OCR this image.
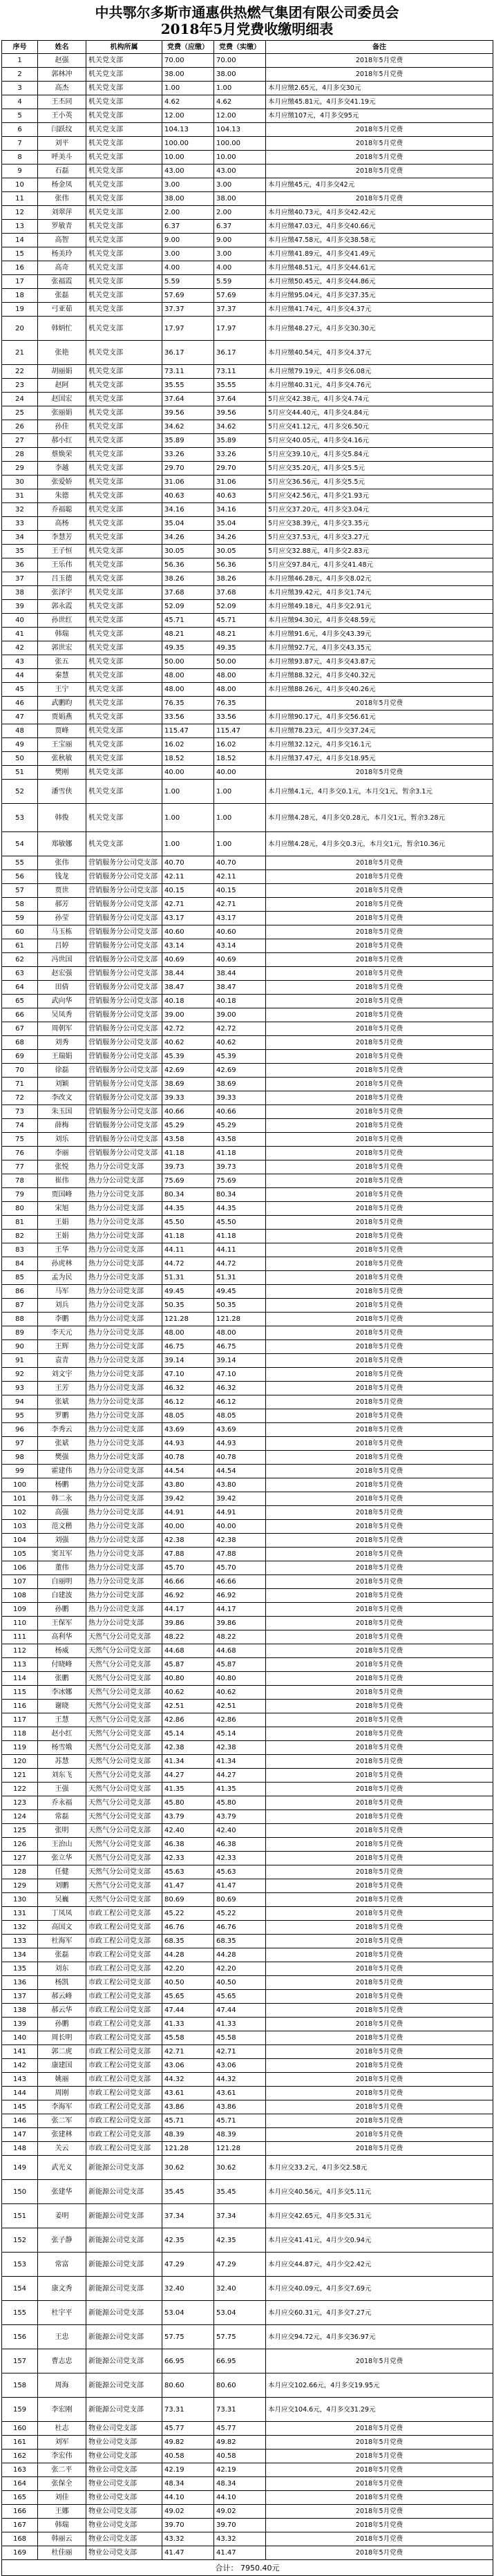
中共鄂尔多斯市通惠供热燃气集团有限公司委员会
2018年5月党费收缴明细表
序号	姓名	机构所属	党费（应缴）	党费（实缴）	备注
1	赵强	机关党支部	70.00	70.00	2018年5月党费
2	郭林冲	机关党支部	38.00	38.00	2018年5月党费
3	高杰	机关党支部	1.00	1.00	本月应缴2.65元，4月多交30元
4	王丕同	机关党支部	4.62	4.62	本月应缴45.81元，4月多交41.19元
5	王小英	机关党支部	12.00	12.00	本月应缴107元，4月多交95元
6	闫跃纹	机关党支部	104.13	104.13	2018年5月党费
7	刘平	机关党支部	100.00	100.00	2018年5月党费
8	呼美斗	机关党支部	10.00	10.00	2018年5月党费
9	石磊	机关党支部	43.00	43.00	2018年5月党费
10	杨金凤	机关党支部	3.00	3.00	本月应缴45元，4月多交42元
11	张伟	机关党支部	38.00	38.00	2018年5月党费
12	刘翠萍	机关党支部	2.00	2.00	本月应缴40.73元，4月多交42.42元
13	罗敏青	机关党支部	6.37	6.37	本月应缴47.03元，4月多交40.66元
14	高智	机关党支部	9.00	9.00	本月应缴47.58元，4月多交38.58元
15	杨美玲	机关党支部	3.00	3.00	本月应缴41.89元，4月多交41.49元
16	高奇	机关党支部	4.00	4.00	本月应缴48.51元，4月多交44.61元
17	张福霞	机关党支部	5.59	5.59	本月应缴50.45元，4月多交44.86元
18	张磊	机关党支部	57.69	57.69	本月应缴95.04元，4月多交37.35元
19	弓亚茹	机关党支部	37.37	37.37	本月应缴41.74元，4月多交4.37元
20	韩炳忙	机关党支部	17.97	17.97	本月应缴48.27元，4月多交30.30元
21	张艳	机关党支部	36.17	36.17	本月应缴40.54元，4月多交4.37元
22	胡丽娟	机关党支部	73.11	73.11	本月应缴79.19元，4月多交6.08元
23	赵阿	机关党支部	35.55	35.55	本月应缴40.31元，4月多交4.76元
24	赵国宏	机关党支部	37.64	37.64	5月应交42.38元，4月多交4.74元
25	张丽娟	机关党支部	39.56	39.56	5月应交44.40元，4月多交4.84元
26	孙佳	机关党支部	34.62	34.62	5月应交41.12元，4月多交6.50元
27	郝小红	机关党支部	35.89	35.89	5月应交40.05元，4月多交4.16元
28	蔡焕荣	机关党支部	33.26	33.26	5月应交39.10元，4月多交5.84元
29	李越	机关党支部	29.70	29.70	5月应交35.20元，4月多交5.5元
30	张爱娇	机关党支部	31.06	31.06	5月应交36.56元，4月多交5.5元
31	朱德	机关党支部	40.63	40.63	5月应交42.56元，4月多交1.93元
32	乔福聪	机关党支部	34.16	34.16	5月应交37.20元，4月多交3.04元
33	高杨	机关党支部	35.04	35.04	5月应交38.39元，4月多交3.35元
34	李慧芳	机关党支部	34.26	34.26	5月应交37.53元，4月多交3.27元
35	王子恒	机关党支部	30.05	30.05	5月应交32.88元，4月多交2.83元
36	王乐伟	机关党支部	56.36	56.36	5月应交97.84元，4月多交41.48元
37	吕玉德	机关党支部	38.26	38.26	本月应缴46.28元，4月多交8.02元
38	张泽宇	机关党支部	37.68	37.68	本月应缴39.42元，4月多交1.74元
39	郭永霞	机关党支部	52.09	52.09	本月应缴49.18元，4月多交2.91元
40	孙世红	机关党支部	45.71	45.71	本月应缴94.30元，4月多交48.59元
41	韩瑞	机关党支部	48.21	48.21	本月应缴91.6元，4月多交43.39元
42	郭世宏	机关党支部	49.35	49.35	本月应缴92.7元，4月多交43.35元
43	张五	机关党支部	50.00	50.00	本月应缴93.87元，4月多交43.87元
44	秦慧	机关党支部	48.00	48.00	本月应缴88.32元，4月多交40.32元
45	王宁	机关党支部	48.00	48.00	本月应缴88.26元，4月多交40.26元
46	武鹏昀	机关党支部	76.35	76.35	2018年5月党费
47	贾娟燕	机关党支部	33.56	33.56	本月应缴90.17元，4月多交56.61元
48	贾峰	机关党支部	115.47	115.47	本月应缴78.23元，4月少交37.24元
49	王宝丽	机关党支部	16.02	16.02	本月应缴32.12元，4月多交16.1元
50	张秋敏	机关党支部	18.52	18.52	本月应缴37.47元，4月多交18.95元
51	樊刚	机关党支部	40.00	40.00	2018年5月党费
52	潘雪侠	机关党支部	1.00	1.00	本月应缴4.1元，4月多交0.1元，本月交1元，暂余3.1元
53	韩俊	机关党支部	1.00	1.00	本月应缴4.28元，4月多交0.28元，本月交1元，暂余3.28元
54	郑敏娜	机关党支部	1.00	1.00	本月应缴4.28元，4月多交0.3元，本月交1元，暂余10.36元
55	张伟	营销服务分公司党支部	40.70	40.70	2018年5月党费
56	钱龙	营销服务分公司党支部	42.11	42.11	2018年5月党费
57	贾世	营销服务分公司党支部	40.15	40.15	2018年5月党费
58	郝芳	营销服务分公司党支部	42.71	42.71	2018年5月党费
59	孙莹	营销服务分公司党支部	43.17	43.17	2018年5月党费
60	马玉栋	营销服务分公司党支部	40.60	40.60	2018年5月党费
61	吕婷	营销服务分公司党支部	43.14	43.14	2018年5月党费
62	冯世国	营销服务分公司党支部	40.69	40.69	2018年5月党费
63	赵宏强	营销服务分公司党支部	38.44	38.44	2018年5月党费
64	田倩	营销服务分公司党支部	38.47	38.47	2018年5月党费
65	武向华	营销服务分公司党支部	40.18	40.18	2018年5月党费
66	吴凤秀	营销服务分公司党支部	39.00	39.00	2018年5月党费
67	周朝军	营销服务分公司党支部	42.72	42.72	2018年5月党费
68	刘秀	营销服务分公司党支部	40.62	40.62	2018年5月党费
69	王瑞娟	营销服务分公司党支部	45.39	45.39	2018年5月党费
70	徐磊	营销服务分公司党支部	42.69	42.69	2018年5月党费
71	刘颖	营销服务分公司党支部	38.69	38.69	2018年5月党费
72	李改文	营销服务分公司党支部	39.33	39.33	2018年5月党费
73	朱玉国	营销服务分公司党支部	40.66	40.66	2018年5月党费
74	薛梅	营销服务分公司党支部	45.29	45.29	2018年5月党费
75	刘乐	营销服务分公司党支部	43.58	43.58	2018年5月党费
76	李丽	营销服务分公司党支部	41.18	41.18	2018年5月党费
77	张悦	热力分公司党支部	39.73	39.73	2018年5月党费
78	崔伟	热力分公司党支部	75.69	75.69	2018年5月党费
79	贾国峰	热力分公司党支部	80.34	80.34	2018年5月党费
80	宋旭	热力分公司党支部	44.35	44.35	2018年5月党费
81	王娟	热力分公司党支部	45.50	45.50	2018年5月党费
82	王娟	热力分公司党支部	41.18	41.18	2018年5月党费
83	王华	热力分公司党支部	44.11	44.11	2018年5月党费
84	孙虎林	热力分公司党支部	44.72	44.72	2018年5月党费
85	孟为民	热力分公司党支部	51.31	51.31	2018年5月党费
86	马军	热力分公司党支部	49.45	49.45	2018年5月党费
87	刘兵	热力分公司党支部	50.35	50.35	2018年5月党费
88	李鹏	热力分公司党支部	121.28	121.28	2018年5月党费
89	李天元	热力分公司党支部	48.00	48.00	2018年5月党费
90	王辉	热力分公司党支部	46.75	46.75	2018年5月党费
91	袁青	热力分公司党支部	39.14	39.14	2018年5月党费
92	刘文宇	热力分公司党支部	47.10	47.10	2018年5月党费
93	王芳	热力分公司党支部	46.32	46.32	2018年5月党费
94	张斌	热力分公司党支部	46.12	46.12	2018年5月党费
95	罗鹏	热力分公司党支部	48.05	48.05	2018年5月党费
96	李秀云	热力分公司党支部	43.69	43.69	2018年5月党费
97	张斌	热力分公司党支部	44.93	44.93	2018年5月党费
98	樊强	热力分公司党支部	40.78	40.78	2018年5月党费
99	霍建伟	热力分公司党支部	44.54	44.54	2018年5月党费
100	杨鹏	热力分公司党支部	43.80	43.80	2018年5月党费
101	韩二永	热力分公司党支部	39.42	39.42	2018年5月党费
102	高强	热力分公司党支部	44.91	44.91	2018年5月党费
103	范文楷	热力分公司党支部	40.00	40.00	2018年5月党费
104	刘强	热力分公司党支部	42.38	42.38	2018年5月党费
105	窦丑军	热力分公司党支部	47.88	47.88	2018年5月党费
106	董伟	热力分公司党支部	45.70	45.70	2018年5月党费
107	白丽明	热力分公司党支部	46.66	46.66	2018年5月党费
108	白建波	热力分公司党支部	46.92	46.92	2018年5月党费
109	孙鹏	热力分公司党支部	44.17	44.17	2018年5月党费
110	王保军	热力分公司党支部	39.86	39.86	2018年5月党费
111	高利华	天然气分公司党支部	48.22	48.22	2018年5月党费
112	杨威	天然气分公司党支部	44.68	44.68	2018年5月党费
113	付晓峰	天然气分公司党支部	45.87	45.87	2018年5月党费
114	张鹏	天然气分公司党支部	40.80	40.80	2018年5月党费
115	李冰娜	天然气分公司党支部	40.62	40.62	2018年5月党费
116	谢晓	天然气分公司党支部	42.51	42.51	2018年5月党费
117	王慧	天然气分公司党支部	42.86	42.86	2018年5月党费
118	赵小红	天然气分公司党支部	45.14	45.14	2018年5月党费
119	杨雪娥	天然气分公司党支部	42.38	42.38	2018年5月党费
120	苏慧	天然气分公司党支部	41.34	41.34	2018年5月党费
121	刘东飞	天然气分公司党支部	44.27	44.27	2018年5月党费
122	王强	天然气分公司党支部	41.35	41.35	2018年5月党费
123	乔永福	天然气分公司党支部	45.80	45.80	2018年5月党费
124	常磊	天然气分公司党支部	43.79	43.79	2018年5月党费
125	张明	天然气分公司党支部	42.40	42.40	2018年5月党费
126	王治山	天然气分公司党支部	46.38	46.38	2018年5月党费
127	张立华	天然气分公司党支部	42.33	42.33	2018年5月党费
128	任健	天然气分公司党支部	45.63	45.63	2018年5月党费
129	刘鹏	天然气分公司党支部	41.47	41.47	2018年5月党费
130	吴巍	天然气分公司党支部	80.69	80.69	2018年5月党费
131	丁凤凤	市政工程公司党支部	45.22	45.22	2018年5月党费
132	高国文	市政工程公司党支部	46.76	46.76	2018年5月党费
133	杜海军	市政工程公司党支部	68.35	68.35	2018年5月党费
134	张磊	市政工程公司党支部	44.28	44.28	2018年5月党费
135	刘东	市政工程公司党支部	42.20	42.20	2018年5月党费
136	杨凯	市政工程公司党支部	40.50	40.50	2018年5月党费
137	郝云峰	市政工程公司党支部	45.65	45.65	2018年5月党费
138	郝云华	市政工程公司党支部	47.44	47.44	2018年5月党费
139	孙鹏	市政工程公司党支部	41.33	41.33	2018年5月党费
140	周长明	市政工程公司党支部	45.58	45.58	2018年5月党费
141	郭二虎	市政工程公司党支部	42.71	42.71	2018年5月党费
142	康建国	市政工程公司党支部	43.06	43.06	2018年5月党费
143	姚丽	市政工程公司党支部	44.32	44.32	2018年5月党费
144	周刚	市政工程公司党支部	43.61	43.61	2018年5月党费
145	李海军	市政工程公司党支部	43.86	43.86	2018年5月党费
146	张二军	市政工程公司党支部	45.71	45.71	2018年5月党费
147	张建林	市政工程公司党支部	48.39	48.39	2018年5月党费
148	关云	市政工程公司党支部	121.28	121.28	2018年5月党费
149	武光义	新能源公司党支部	30.62	30.62	本月应交33.2元，4月多交2.58元
150	张建华	新能源公司党支部	35.45	35.45	本月应交40.56元，4月多交5.11元
151	姜明	新能源公司党支部	37.34	37.34	本月应交42.65元，4月多交5.31元
152	张子静	新能源公司党支部	42.35	42.35	本月应交41.41元，4月少交0.94元
153	常富	新能源公司党支部	47.29	47.29	本月应交44.87元，4月少交2.42元
154	康文秀	新能源公司党支部	32.40	32.40	本月应交40.09元，4月多交7.69元
155	杜宇平	新能源公司党支部	53.04	53.04	本月应交60.31元，4月多交7.27元
156	王忠	新能源公司党支部	57.75	57.75	本月应交94.72元，4月多交36.97元
157	曹志忠	新能源公司党支部	66.95	66.95	2018年5月党费
158	周海	新能源公司党支部	80.60	80.60	本月应交102.66元，4月多交19.95元
159	李宏刚	新能源公司党支部	73.31	73.31	本月应交104.6元，4月多交31.29元
160	杜志	物业公司党支部	45.77	45.77	2018年5月党费
161	刘军	物业公司党支部	49.82	49.82	2018年5月党费
162	李宏伟	物业公司党支部	40.58	40.58	2018年5月党费
163	张二平	物业公司党支部	42.19	42.19	2018年5月党费
164	张保全	物业公司党支部	48.34	48.34	2018年5月党费
165	刘佳	物业公司党支部	44.10	44.10	2018年5月党费
166	王娜	物业公司党支部	49.02	49.02	2018年5月党费
167	韩瑞	物业公司党支部	39.70	39.70	2018年5月党费
168	韩丽云	物业公司党支部	43.32	43.32	2018年5月党费
169	杜佳丽	物业公司党支部	41.47	41.47	2018年5月党费
合计： 7950.40元					
